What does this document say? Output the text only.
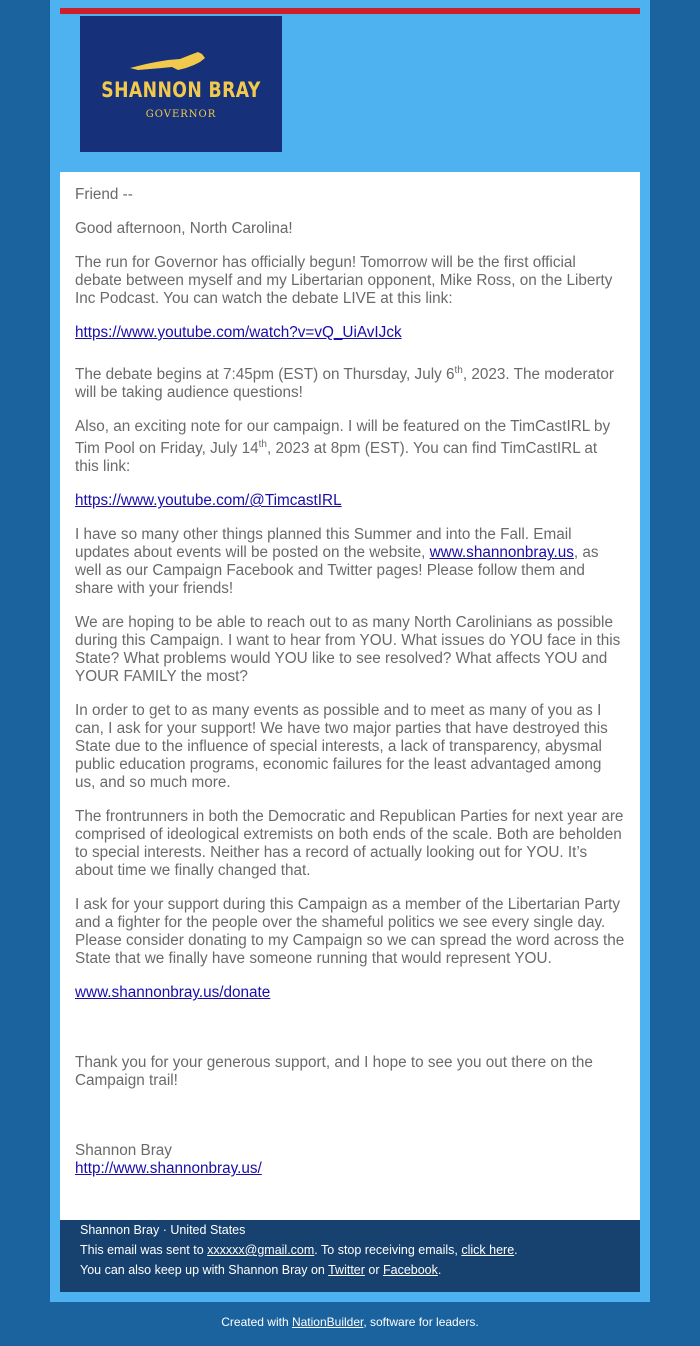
SHANNON BRAY
GOVERNOR

Friend --

Good afternoon, North Carolina!

The run for Governor has officially begun! Tomorrow will be the first official debate between myself and my Libertarian opponent, Mike Ross, on the Liberty Inc Podcast. You can watch the debate LIVE at this link:

https://www.youtube.com/watch?v=vQ_UiAvIJck

The debate begins at 7:45pm (EST) on Thursday, July 6th, 2023. The moderator will be taking audience questions!

Also, an exciting note for our campaign. I will be featured on the TimCastIRL by Tim Pool on Friday, July 14th, 2023 at 8pm (EST). You can find TimCastIRL at this link:

https://www.youtube.com/@TimcastIRL

I have so many other things planned this Summer and into the Fall. Email updates about events will be posted on the website, www.shannonbray.us, as well as our Campaign Facebook and Twitter pages! Please follow them and share with your friends!

We are hoping to be able to reach out to as many North Carolinians as possible during this Campaign. I want to hear from YOU. What issues do YOU face in this State? What problems would YOU like to see resolved? What affects YOU and YOUR FAMILY the most?

In order to get to as many events as possible and to meet as many of you as I can, I ask for your support! We have two major parties that have destroyed this State due to the influence of special interests, a lack of transparency, abysmal public education programs, economic failures for the least advantaged among us, and so much more.

The frontrunners in both the Democratic and Republican Parties for next year are comprised of ideological extremists on both ends of the scale. Both are beholden to special interests. Neither has a record of actually looking out for YOU. It’s about time we finally changed that.

I ask for your support during this Campaign as a member of the Libertarian Party and a fighter for the people over the shameful politics we see every single day. Please consider donating to my Campaign so we can spread the word across the State that we finally have someone running that would represent YOU.

www.shannonbray.us/donate

Thank you for your generous support, and I hope to see you out there on the Campaign trail!

Shannon Bray
http://www.shannonbray.us/

Shannon Bray · United States
This email was sent to xxxxxx@gmail.com. To stop receiving emails, click here.
You can also keep up with Shannon Bray on Twitter or Facebook.
Created with NationBuilder, software for leaders.
